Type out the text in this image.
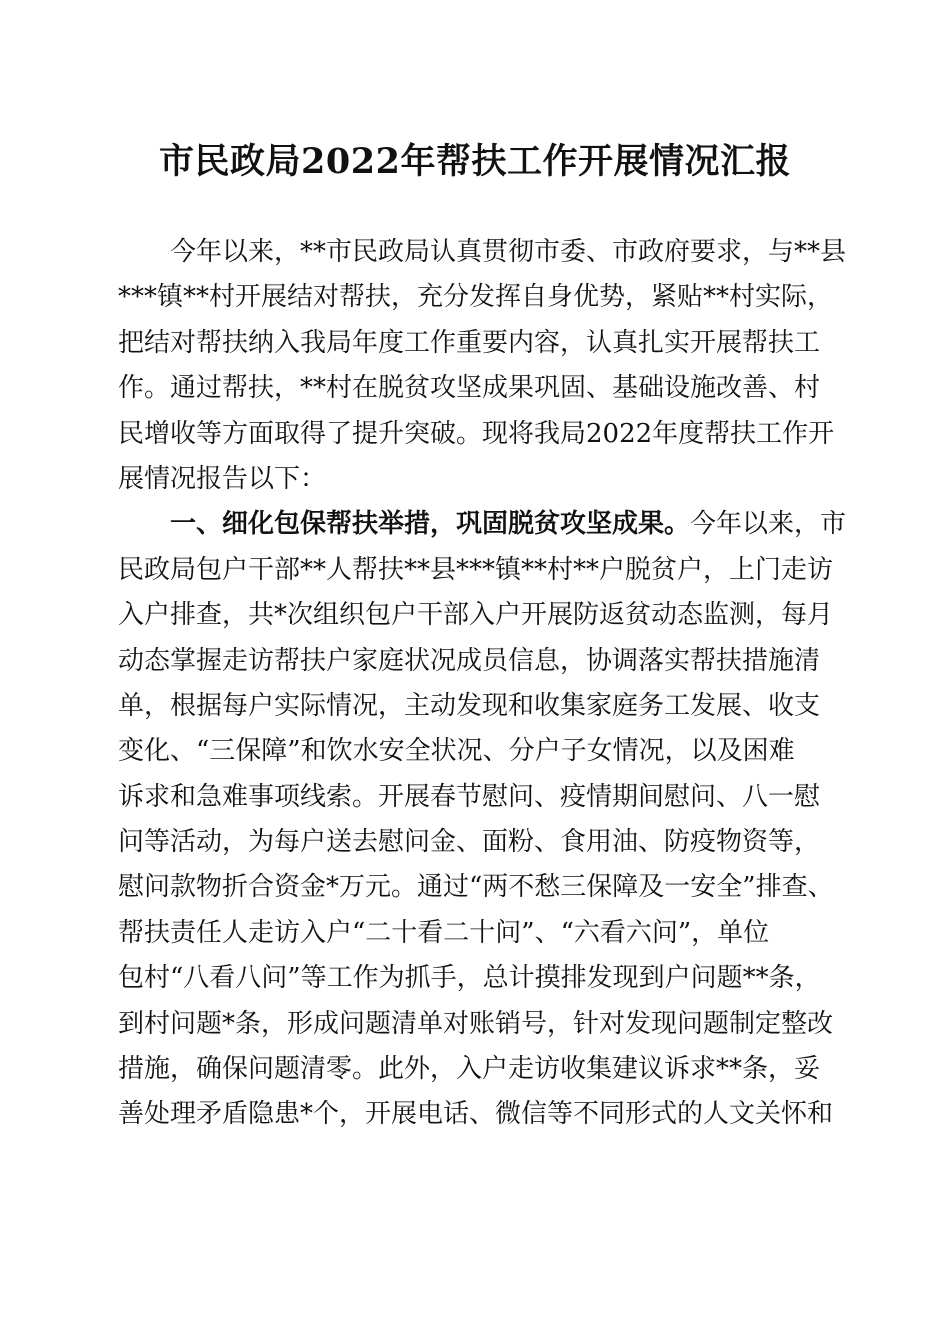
市民政局2022年帮扶工作开展情况汇报
今年以来，**市民政局认真贯彻市委、市政府要求，与**县
***镇**村开展结对帮扶，充分发挥自身优势，紧贴**村实际，
把结对帮扶纳入我局年度工作重要内容，认真扎实开展帮扶工
作。通过帮扶，**村在脱贫攻坚成果巩固、基础设施改善、村
民增收等方面取得了提升突破。现将我局2022年度帮扶工作开
展情况报告以下：
一、细化包保帮扶举措，巩固脱贫攻坚成果。今年以来，市
民政局包户干部**人帮扶**县***镇**村**户脱贫户，上门走访
入户排查，共*次组织包户干部入户开展防返贫动态监测，每月
动态掌握走访帮扶户家庭状况成员信息，协调落实帮扶措施清
单，根据每户实际情况，主动发现和收集家庭务工发展、收支
变化、“三保障”和饮水安全状况、分户子女情况，以及困难
诉求和急难事项线索。开展春节慰问、疫情期间慰问、八一慰
问等活动，为每户送去慰问金、面粉、食用油、防疫物资等，
慰问款物折合资金*万元。通过“两不愁三保障及一安全”排查、
帮扶责任人走访入户“二十看二十问”、“六看六问”，单位
包村“八看八问”等工作为抓手，总计摸排发现到户问题**条，
到村问题*条，形成问题清单对账销号，针对发现问题制定整改
措施，确保问题清零。此外，入户走访收集建议诉求**条，妥
善处理矛盾隐患*个，开展电话、微信等不同形式的人文关怀和
